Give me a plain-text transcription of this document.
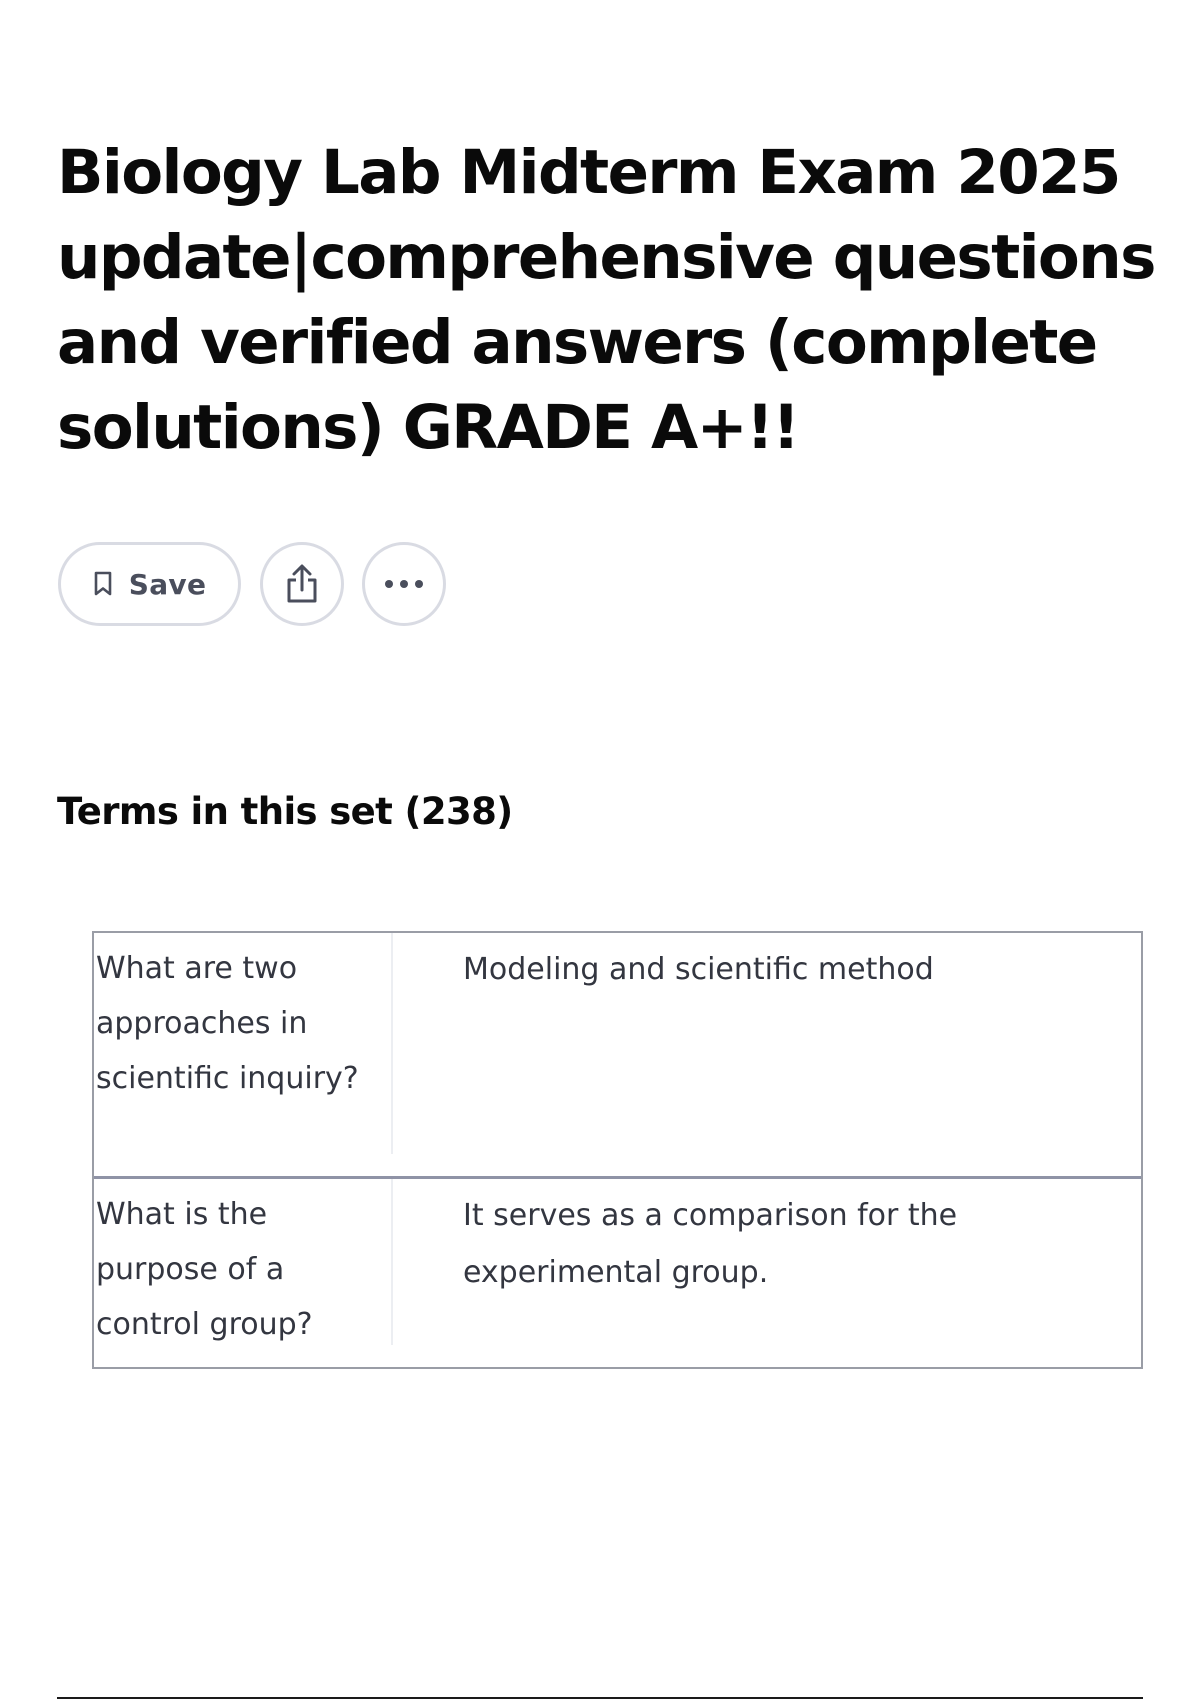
Biology Lab Midterm Exam 2025 update|comprehensive questions and verified answers (complete solutions) GRADE A+!!
Save
Terms in this set (238)
What are two approaches in scientific inquiry?
Modeling and scientific method
What is the purpose of a control group?
It serves as a comparison for the experimental group.
